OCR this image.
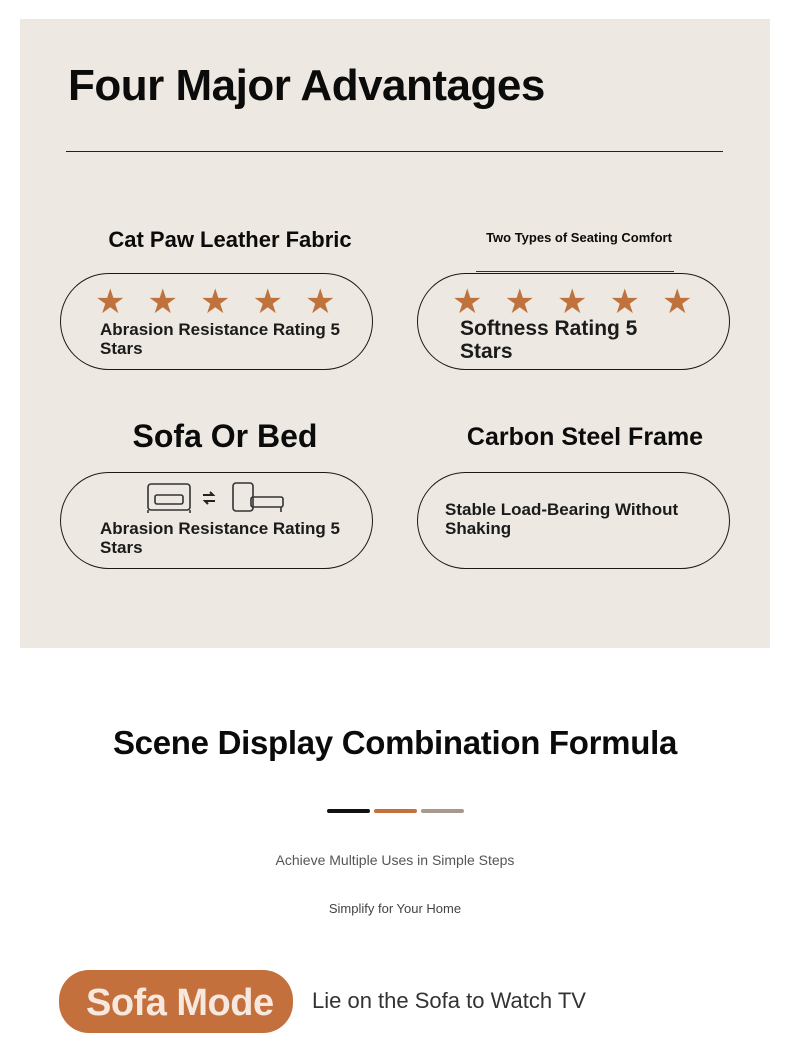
Four Major Advantages
Cat Paw Leather Fabric
★ ★ ★ ★ ★
Abrasion Resistance Rating 5 Stars
Two Types of Seating Comfort
★ ★ ★ ★ ★
Softness Rating 5 Stars
Sofa Or Bed
Abrasion Resistance Rating 5 Stars
Carbon Steel Frame
Stable Load-Bearing Without Shaking
Scene Display Combination Formula
Achieve Multiple Uses in Simple Steps
Simplify for Your Home
Sofa Mode Lie on the Sofa to Watch TV
